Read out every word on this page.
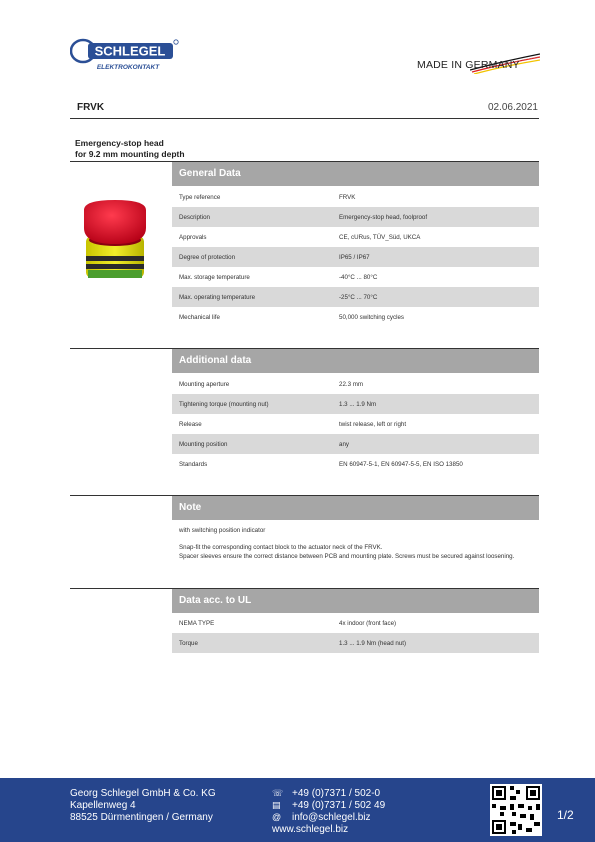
SCHLEGEL
ELEKTROKONTAKT	MADE IN GERMANY
FRVK	02.06.2021
Emergency-stop head
for 9.2 mm mounting depth
General Data
Type reference	FRVK
Description	Emergency-stop head, foolproof
Approvals	CE, cURus, TÜV_Süd, UKCA
Degree of protection	IP65 / IP67
Max. storage temperature	-40°C ... 80°C
Max. operating temperature	-25°C ... 70°C
Mechanical life	50,000 switching cycles
Additional data
Mounting aperture	22.3 mm
Tightening torque (mounting nut)	1.3 ... 1.9 Nm
Release	twist release, left or right
Mounting position	any
Standards	EN 60947-5-1, EN 60947-5-5, EN ISO 13850
Note
with switching position indicator
Snap-fit the corresponding contact block to the actuator neck of the FRVK.
Spacer sleeves ensure the correct distance between PCB and mounting plate. Screws must be secured against loosening.
Data acc. to UL
NEMA TYPE	4x indoor (front face)
Torque	1.3 ... 1.9 Nm (head nut)
Georg Schlegel GmbH & Co. KG
Kapellenweg 4
88525 Dürmentingen / Germany
☏
▤
@
+49 (0)7371 / 502-0
+49 (0)7371 / 502 49
info@schlegel.biz
www.schlegel.biz
1/2
